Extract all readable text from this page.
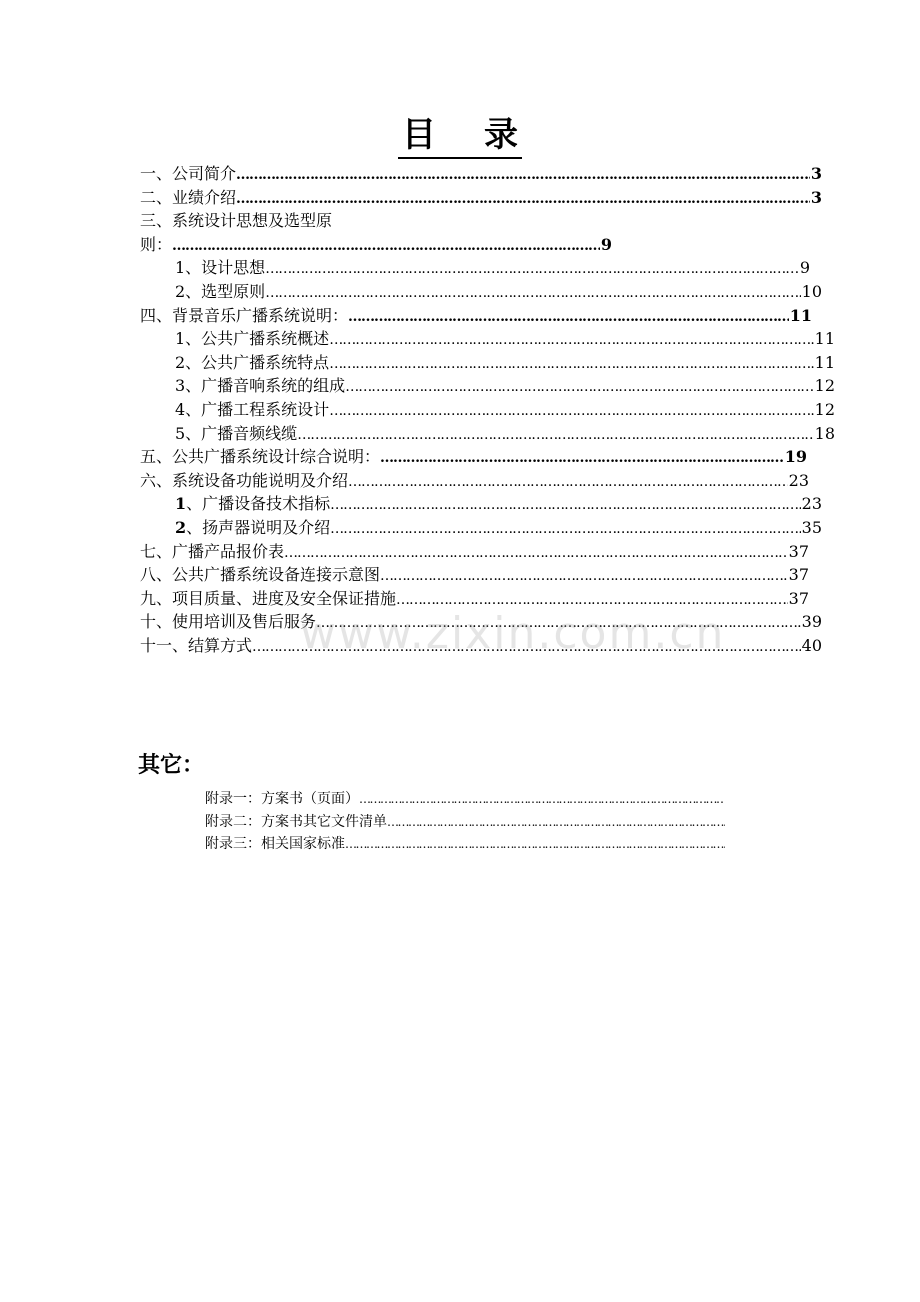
目 录
一、公司简介 …………………………………………………………………………………………………………………………………………………………………………………………………………………………	3
二、业绩介绍 …………………………………………………………………………………………………………………………………………………………………………………………………………………………	3
三、系统设计思想及选型原
则： …………………………………………………………………………………………………………………………………………………………………………………………………………………………	9
1、设计思想 …………………………………………………………………………………………………………………………………………………………………………………………………………………………	9
2、选型原则 …………………………………………………………………………………………………………………………………………………………………………………………………………………………	10
四、背景音乐广播系统说明： …………………………………………………………………………………………………………………………………………………………………………………………………………………………	11
1、公共广播系统概述 …………………………………………………………………………………………………………………………………………………………………………………………………………………………	11
2、公共广播系统特点 …………………………………………………………………………………………………………………………………………………………………………………………………………………………	11
3、广播音响系统的组成 …………………………………………………………………………………………………………………………………………………………………………………………………………………………	12
4、广播工程系统设计 …………………………………………………………………………………………………………………………………………………………………………………………………………………………	12
5、广播音频线缆 …………………………………………………………………………………………………………………………………………………………………………………………………………………………	18
五、公共广播系统设计综合说明： …………………………………………………………………………………………………………………………………………………………………………………………………………………………	19
六、系统设备功能说明及介绍 …………………………………………………………………………………………………………………………………………………………………………………………………………………………	23
1、广播设备技术指标 …………………………………………………………………………………………………………………………………………………………………………………………………………………………	23
2、扬声器说明及介绍 …………………………………………………………………………………………………………………………………………………………………………………………………………………………	35
七、广播产品报价表 …………………………………………………………………………………………………………………………………………………………………………………………………………………………	37
八、公共广播系统设备连接示意图 …………………………………………………………………………………………………………………………………………………………………………………………………………………………	37
九、项目质量、进度及安全保证措施 …………………………………………………………………………………………………………………………………………………………………………………………………………………………	37
十、使用培训及售后服务 …………………………………………………………………………………………………………………………………………………………………………………………………………………………	39
十一、结算方式 …………………………………………………………………………………………………………………………………………………………………………………………………………………………	40
www.zixin.com.cn
其它：
附录一：方案书（页面）
…………………………………………………………………………………………………………………………………………………………………………
附录二：方案书其它文件清单
…………………………………………………………………………………………………………………………………………………………………………
附录三：相关国家标准
…………………………………………………………………………………………………………………………………………………………………………
